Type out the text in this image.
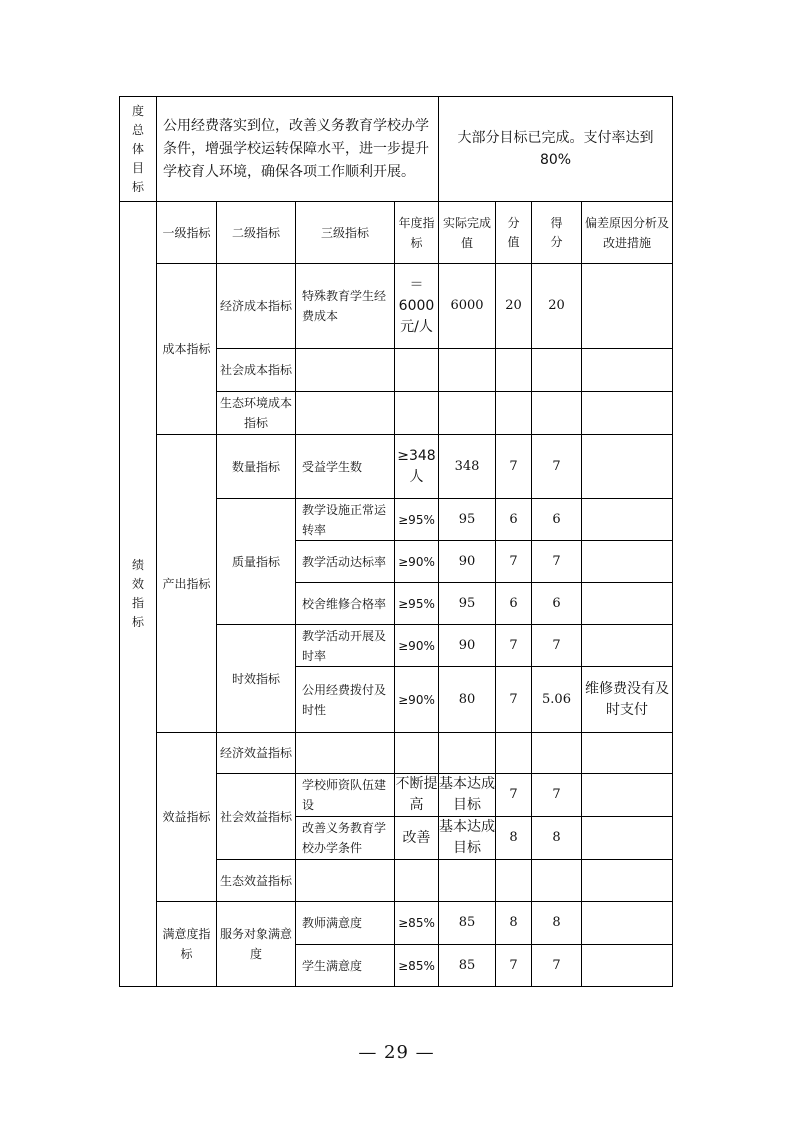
度总体目标	公用经费落实到位，改善义务教育学校办学条件，增强学校运转保障水平，进一步提升学校育人环境，确保各项工作顺利开展。				大部分目标已完成。支付率达到80%			
绩效指标	一级指标	二级指标	三级指标	年度指标	实际完成值	分值	得分	偏差原因分析及改进措施
	成本指标	经济成本指标	特殊教育学生经费成本	＝6000元/人	6000	20	20	
		社会成本指标						
		生态环境成本指标						
	产出指标	数量指标	受益学生数	≥348人	348	7	7	
		质量指标	教学设施正常运转率	≥95%	95	6	6	
			教学活动达标率	≥90%	90	7	7	
			校舍维修合格率	≥95%	95	6	6	
		时效指标	教学活动开展及时率	≥90%	90	7	7	
			公用经费拨付及时性	≥90%	80	7	5.06	维修费没有及时支付
	效益指标	经济效益指标						
		社会效益指标	学校师资队伍建设	不断提高	基本达成目标	7	7	
			改善义务教育学校办学条件	改善	基本达成目标	8	8	
		生态效益指标						
	满意度指标	服务对象满意度	教师满意度	≥85%	85	8	8	
			学生满意度	≥85%	85	7	7	
— 29 —
